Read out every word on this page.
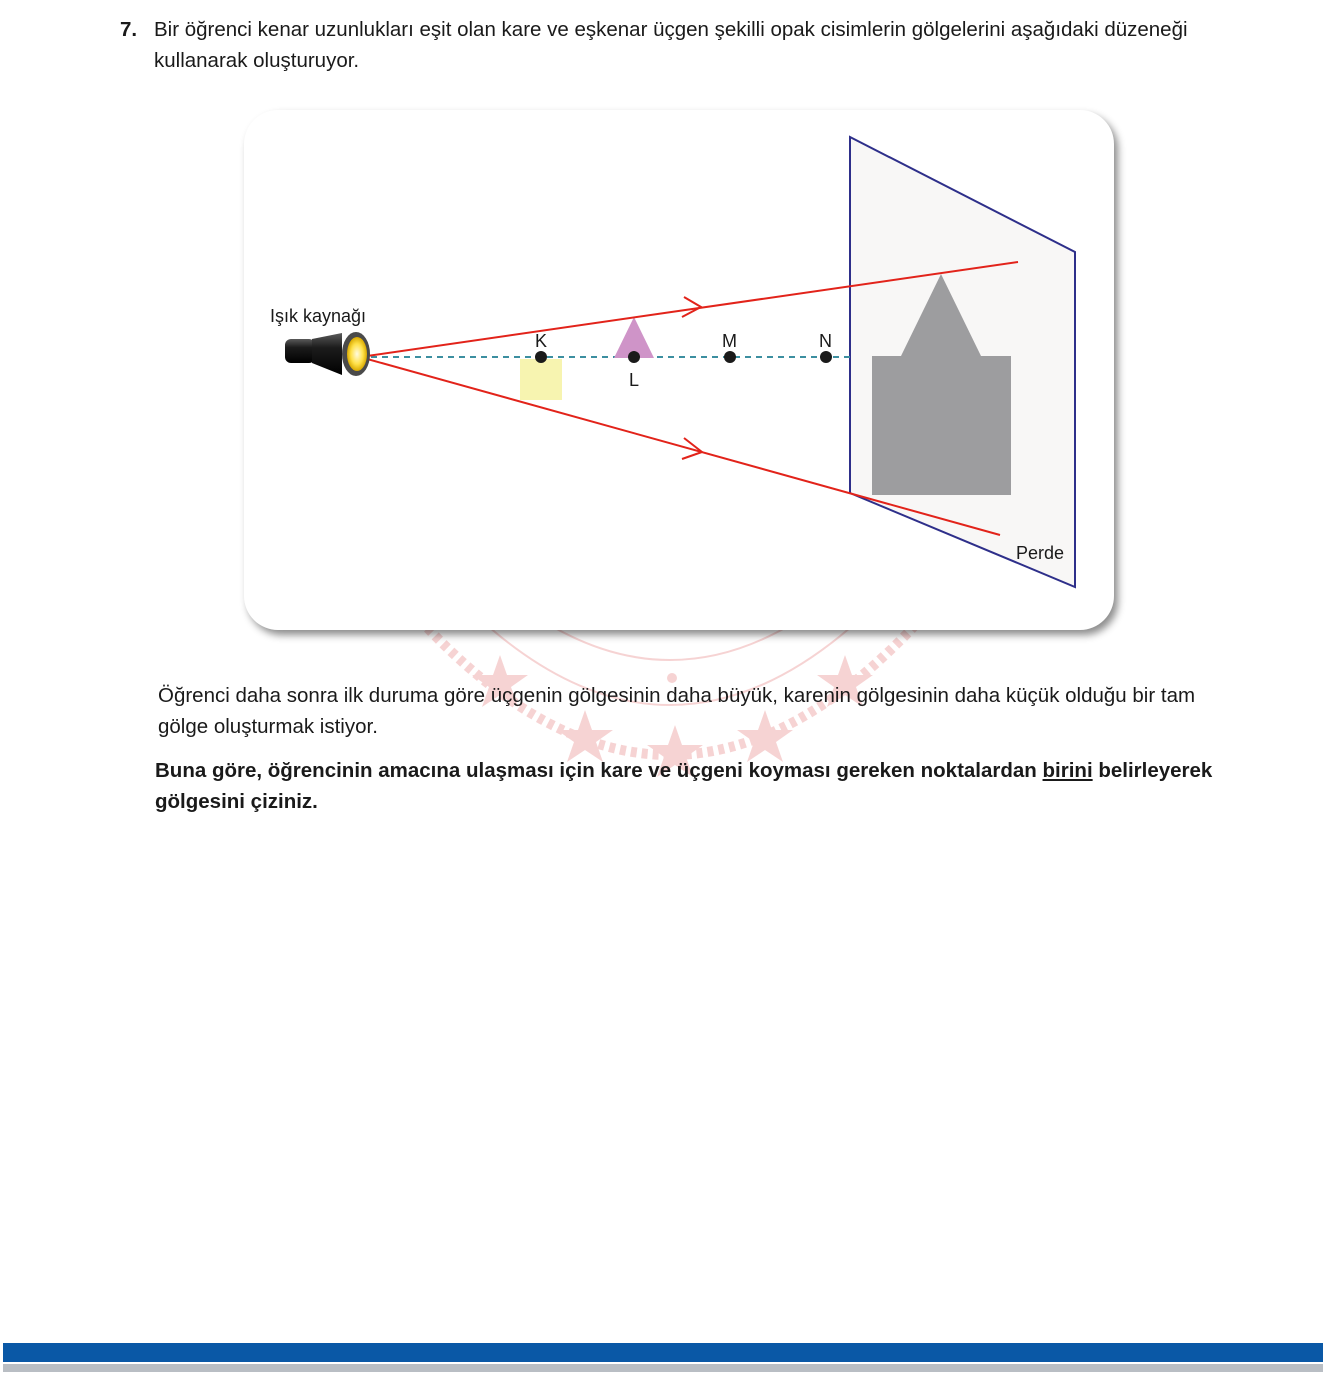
7. Bir öğrenci kenar uzunlukları eşit olan kare ve eşkenar üçgen şekilli opak cisimlerin gölgelerini aşağıdaki düzeneği kullanarak oluşturuyor.
Işık kaynağı
K
L
M	N
Perde
Öğrenci daha sonra ilk duruma göre üçgenin gölgesinin daha büyük, karenin gölgesinin daha küçük olduğu bir tam gölge oluşturmak istiyor.
Buna göre, öğrencinin amacına ulaşması için kare ve üçgeni koyması gereken noktalardan birini belirleyerek gölgesini çiziniz.
